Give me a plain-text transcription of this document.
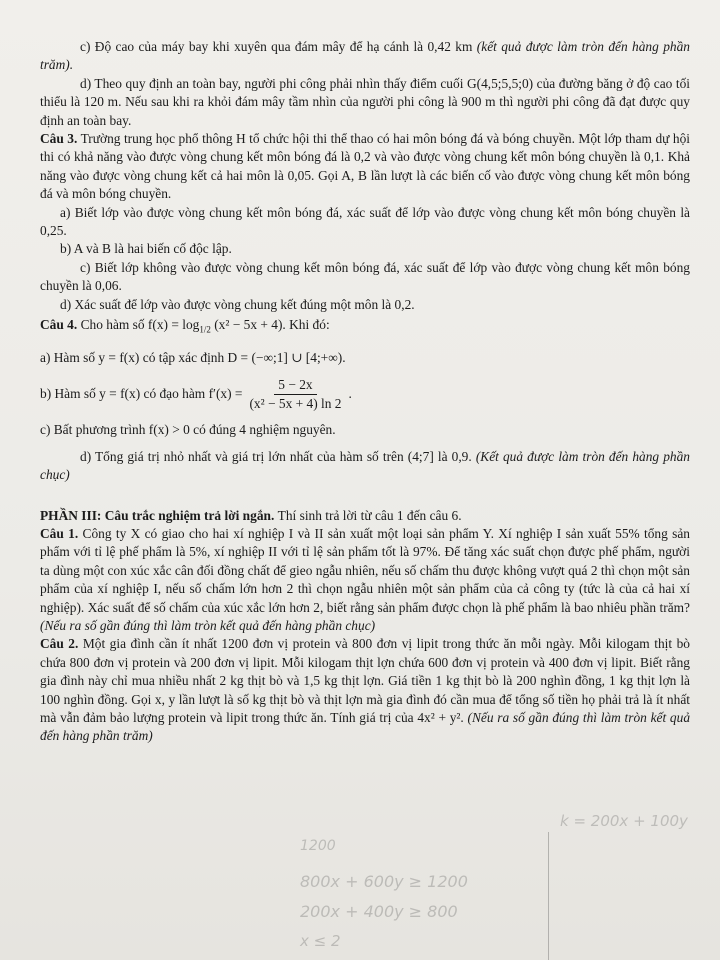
c) Độ cao của máy bay khi xuyên qua đám mây để hạ cánh là 0,42 km (kết quả được làm tròn đến hàng phần trăm).

d) Theo quy định an toàn bay, người phi công phải nhìn thấy điểm cuối G(4,5;5,5;0) của đường băng ở độ cao tối thiểu là 120 m. Nếu sau khi ra khỏi đám mây tầm nhìn của người phi công là 900 m thì người phi công đã đạt được quy định an toàn bay.

Câu 3. Trường trung học phổ thông H tổ chức hội thi thể thao có hai môn bóng đá và bóng chuyền. Một lớp tham dự hội thi có khả năng vào được vòng chung kết môn bóng đá là 0,2 và vào được vòng chung kết môn bóng chuyền là 0,1. Khả năng vào được vòng chung kết cả hai môn là 0,05. Gọi A, B lần lượt là các biến cố vào được vòng chung kết môn bóng đá và môn bóng chuyền.

a) Biết lớp vào được vòng chung kết môn bóng đá, xác suất để lớp vào được vòng chung kết môn bóng chuyền là 0,25.

b) A và B là hai biến cố độc lập.

c) Biết lớp không vào được vòng chung kết môn bóng đá, xác suất để lớp vào được vòng chung kết môn bóng chuyền là 0,06.

d) Xác suất để lớp vào được vòng chung kết đúng một môn là 0,2.

Câu 4. Cho hàm số $f(x) = \log_{1/2} (x^2 - 5x + 4)$. Khi đó:

a) Hàm số y = f(x) có tập xác định D = (−∞;1] ∪ [4;+∞).

b) Hàm số y = f(x) có đạo hàm $f'(x) = \frac{5 - 2x}{\text{(x² − 5x + 4) ln 2}}$ .

c) Bất phương trình f(x) > 0 có đúng 4 nghiệm nguyên.

d) Tổng giá trị nhỏ nhất và giá trị lớn nhất của hàm số trên (4;7] là 0,9. (Kết quả được làm tròn đến hàng phần chục)

PHẦN III: Câu trắc nghiệm trả lời ngắn. Thí sinh trả lời từ câu 1 đến câu 6.

Câu 1. Công ty X có giao cho hai xí nghiệp I và II sản xuất một loại sản phẩm Y. Xí nghiệp I sản xuất 55% tổng sản phẩm với tỉ lệ phế phẩm là 5%, xí nghiệp II với tỉ lệ sản phẩm tốt là 97%. Để tăng xác suất chọn được phế phẩm, người ta dùng một con xúc xắc cân đối đồng chất để gieo ngẫu nhiên, nếu số chấm thu được không vượt quá 2 thì chọn một sản phẩm của xí nghiệp I, nếu số chấm lớn hơn 2 thì chọn ngẫu nhiên một sản phẩm của cả công ty (tức là của cả hai xí nghiệp). Xác suất để số chấm của xúc xắc lớn hơn 2, biết rằng sản phẩm được chọn là phế phẩm là bao nhiêu phần trăm? (Nếu ra số gần đúng thì làm tròn kết quả đến hàng phần chục)

Câu 2. Một gia đình cần ít nhất 1200 đơn vị protein và 800 đơn vị lipit trong thức ăn mỗi ngày. Mỗi kilogam thịt bò chứa 800 đơn vị protein và 200 đơn vị lipit. Mỗi kilogam thịt lợn chứa 600 đơn vị protein và 400 đơn vị lipit. Biết rằng gia đình này chỉ mua nhiều nhất 2 kg thịt bò và 1,5 kg thịt lợn. Giá tiền 1 kg thịt bò là 200 nghìn đồng, 1 kg thịt lợn là 100 nghìn đồng. Gọi x, y lần lượt là số kg thịt bò và thịt lợn mà gia đình đó cần mua để tổng số tiền họ phải trả là ít nhất mà vẫn đảm bảo lượng protein và lipit trong thức ăn. Tính giá trị của 4x² + y². (Nếu ra số gần đúng thì làm tròn kết quả đến hàng phần trăm)

k = 200x + 100y
1200
800x + 600y ≥ 1200
200x + 400y ≥ 800
x ≤ 2
